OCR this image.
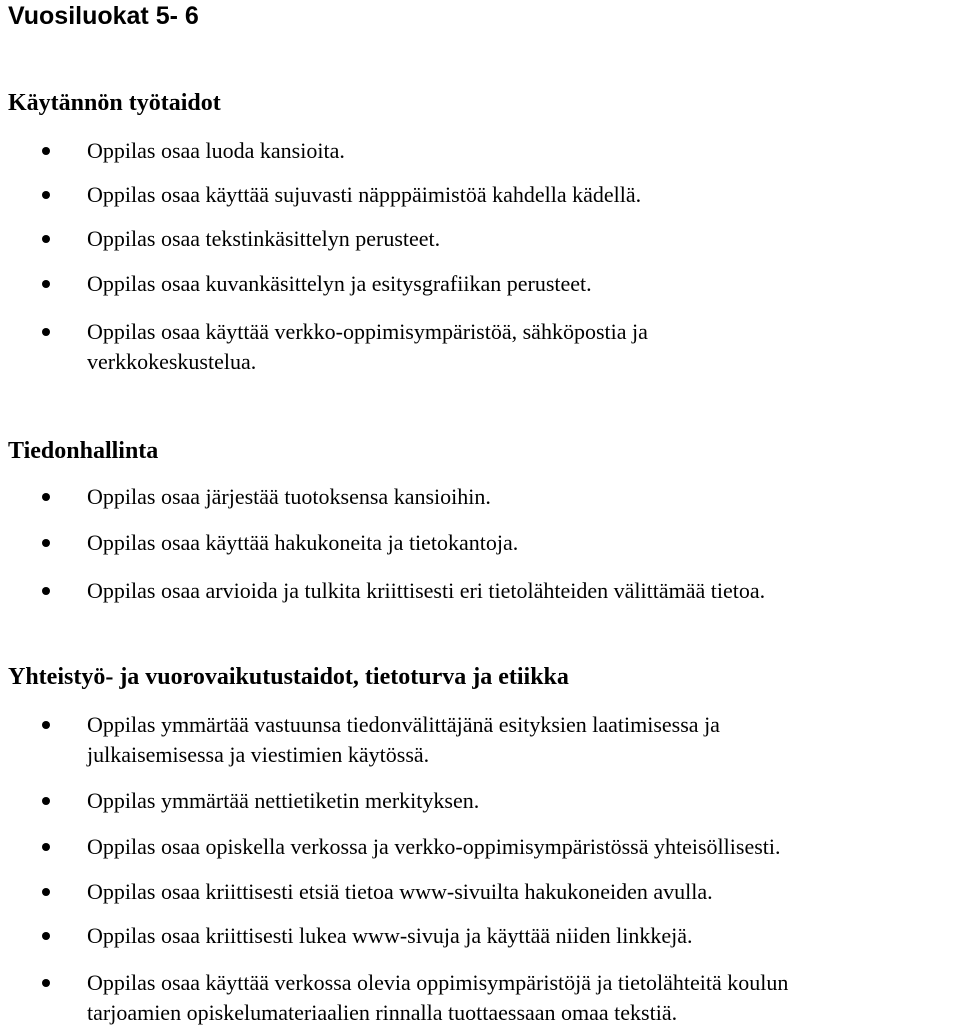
Vuosiluokat 5- 6
Käytännön työtaidot
Oppilas osaa luoda kansioita.
Oppilas osaa käyttää sujuvasti näpppäimistöä kahdella kädellä.
Oppilas osaa tekstinkäsittelyn perusteet.
Oppilas osaa kuvankäsittelyn ja esitysgrafiikan perusteet.
Oppilas osaa käyttää verkko-oppimisympäristöä, sähköpostia ja
verkkokeskustelua.
Tiedonhallinta
Oppilas osaa järjestää tuotoksensa kansioihin.
Oppilas osaa käyttää hakukoneita ja tietokantoja.
Oppilas osaa arvioida ja tulkita kriittisesti eri tietolähteiden välittämää tietoa.
Yhteistyö- ja vuorovaikutustaidot, tietoturva ja etiikka
Oppilas ymmärtää vastuunsa tiedonvälittäjänä esityksien laatimisessa ja
julkaisemisessa ja viestimien käytössä.
Oppilas ymmärtää nettietiketin merkityksen.
Oppilas osaa opiskella verkossa ja verkko-oppimisympäristössä yhteisöllisesti.
Oppilas osaa kriittisesti etsiä tietoa www-sivuilta hakukoneiden avulla.
Oppilas osaa kriittisesti lukea www-sivuja ja käyttää niiden linkkejä.
Oppilas osaa käyttää verkossa olevia oppimisympäristöjä ja tietolähteitä koulun
tarjoamien opiskelumateriaalien rinnalla tuottaessaan omaa tekstiä.
